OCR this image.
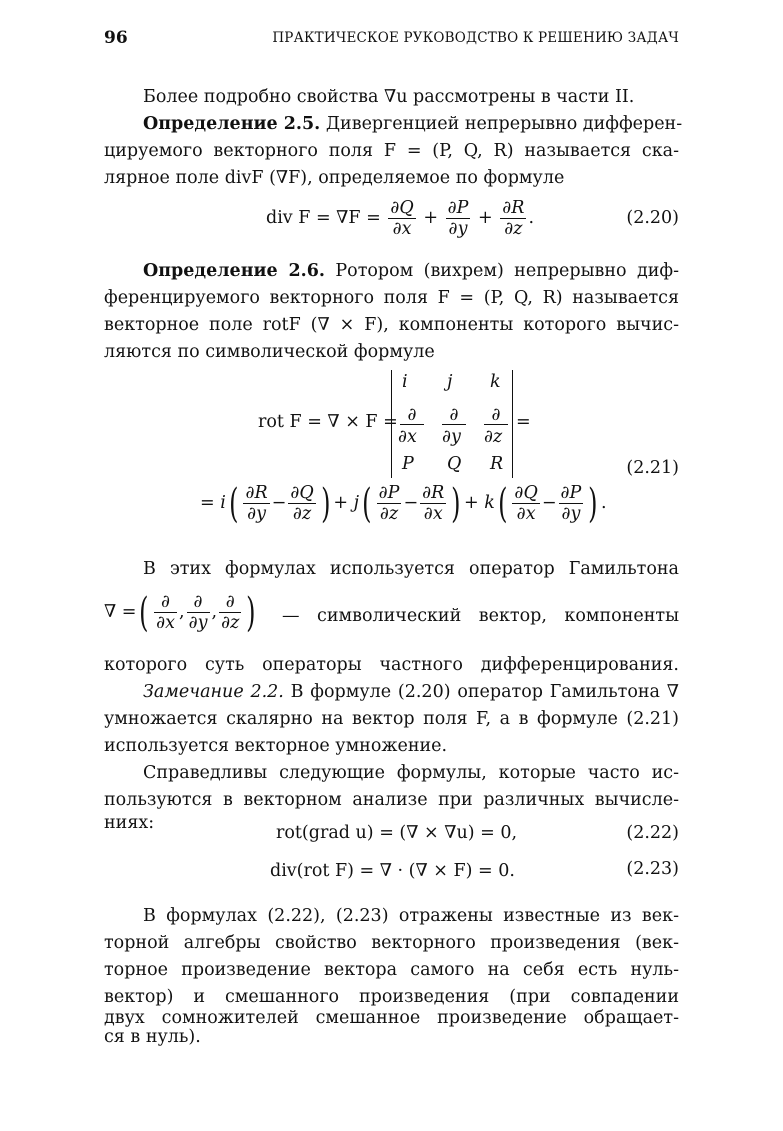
96	ПРАКТИЧЕСКОЕ РУКОВОДСТВО К РЕШЕНИЮ ЗАДАЧ
Более подробно свойства ∇u рассмотрены в части II.
Определение 2.5. Дивергенцией непрерывно дифферен-
цируемого векторного поля F = (P, Q, R) называется ска-
лярное поле divF (∇F), определяемое по формуле
div $F = \nabla F = \frac{\partial Q}{\partial x} + \frac{\partial P}{\partial y} + \frac{\partial R}{\partial z}$ .	(2.20)
Определение 2.6. Ротором (вихрем) непрерывно диф-
ференцируемого векторного поля F = (P, Q, R) называется
векторное поле rotF (∇ × F), компоненты которого вычис-
ляются по символической формуле
rot F = ∇ × F =
i j k
∂	∂	∂
∂x ∂y ∂z
P Q R
=
(2.21)
= $i( \frac{\partial R}{\partial y} - \frac{\partial Q}{\partial z}$ ) + $j( \frac{\partial P}{\partial z} - \frac{\partial R}{\partial x}$ ) + $k( \frac{\partial Q}{\partial x} - \frac{\partial P}{\partial y}$ ) .
В этих формулах используется оператор Гамильтона
∇ =( $\frac{\partial}{\partial x}$ , $\frac{\partial}{\partial y}$ , $\frac{\partial}{\partial z}$ ) — символический вектор, компоненты
которого суть операторы частного дифференцирования.
Замечание 2.2. В формуле (2.20) оператор Гамильтона ∇
умножается скалярно на вектор поля F, а в формуле (2.21)
используется векторное умножение.
Справедливы следующие формулы, которые часто ис-
пользуются в векторном анализе при различных вычисле-
ниях:	rot(grad u) = (∇ × ∇u) = 0,	(2.22)
div(rot F) = ∇ · (∇ × F) = 0.	(2.23)
В формулах (2.22), (2.23) отражены известные из век-
торной алгебры свойство векторного произведения (век-
торное произведение вектора самого на себя есть нуль-
вектор) и смешанного произведения (при совпадении
двух сомножителей смешанное произведение обращает-
ся в нуль).
